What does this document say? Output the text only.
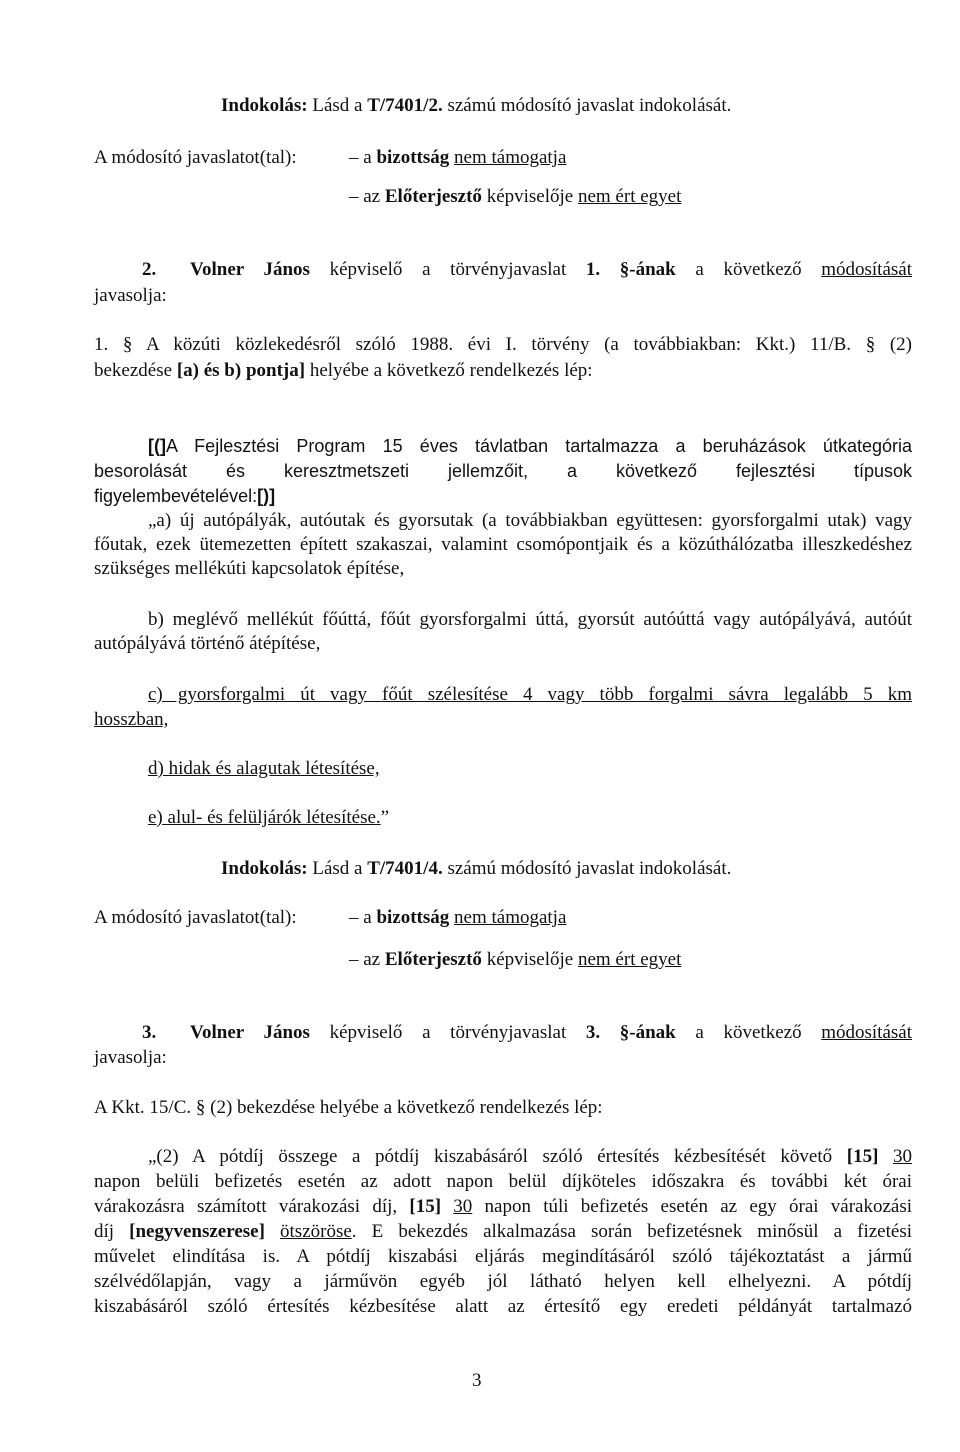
Indokolás: Lásd a T/7401/2. számú módosító javaslat indokolását.
A módosító javaslatot(tal):	– a bizottság nem támogatja
– az Előterjesztő képviselője nem ért egyet
2. Volner János képviselő a törvényjavaslat 1. §-ának a következő módosítását
javasolja:
1. § A közúti közlekedésről szóló 1988. évi I. törvény (a továbbiakban: Kkt.) 11/B. § (2)
bekezdése [a) és b) pontja] helyébe a következő rendelkezés lép:
[(]A Fejlesztési Program 15 éves távlatban tartalmazza a beruházások útkategória
besorolását és keresztmetszeti jellemzőit, a következő fejlesztési típusok
figyelembevételével:[)]
„a) új autópályák, autóutak és gyorsutak (a továbbiakban együttesen: gyorsforgalmi utak) vagy főutak, ezek ütemezetten épített szakaszai, valamint csomópontjaik és a közúthálózatba illeszkedéshez szükséges mellékúti kapcsolatok építése,
b) meglévő mellékút főúttá, főút gyorsforgalmi úttá, gyorsút autóúttá vagy autópályává, autóút autópályává történő átépítése,
c) gyorsforgalmi út vagy főút szélesítése 4 vagy több forgalmi sávra legalább 5 km
hosszban,
d) hidak és alagutak létesítése,
e) alul- és felüljárók létesítése.”
Indokolás: Lásd a T/7401/4. számú módosító javaslat indokolását.
A módosító javaslatot(tal):	– a bizottság nem támogatja
– az Előterjesztő képviselője nem ért egyet
3. Volner János képviselő a törvényjavaslat 3. §-ának a következő módosítását
javasolja:
A Kkt. 15/C. § (2) bekezdése helyébe a következő rendelkezés lép:
„(2) A pótdíj összege a pótdíj kiszabásáról szóló értesítés kézbesítését követő [15] 30
napon belüli befizetés esetén az adott napon belül díjköteles időszakra és további két órai
várakozásra számított várakozási díj, [15] 30 napon túli befizetés esetén az egy órai várakozási
díj [negyvenszerese] ötszöröse. E bekezdés alkalmazása során befizetésnek minősül a fizetési
művelet elindítása is. A pótdíj kiszabási eljárás megindításáról szóló tájékoztatást a jármű
szélvédőlapján, vagy a járművön egyéb jól látható helyen kell elhelyezni. A pótdíj
kiszabásáról szóló értesítés kézbesítése alatt az értesítő egy eredeti példányát tartalmazó
3
